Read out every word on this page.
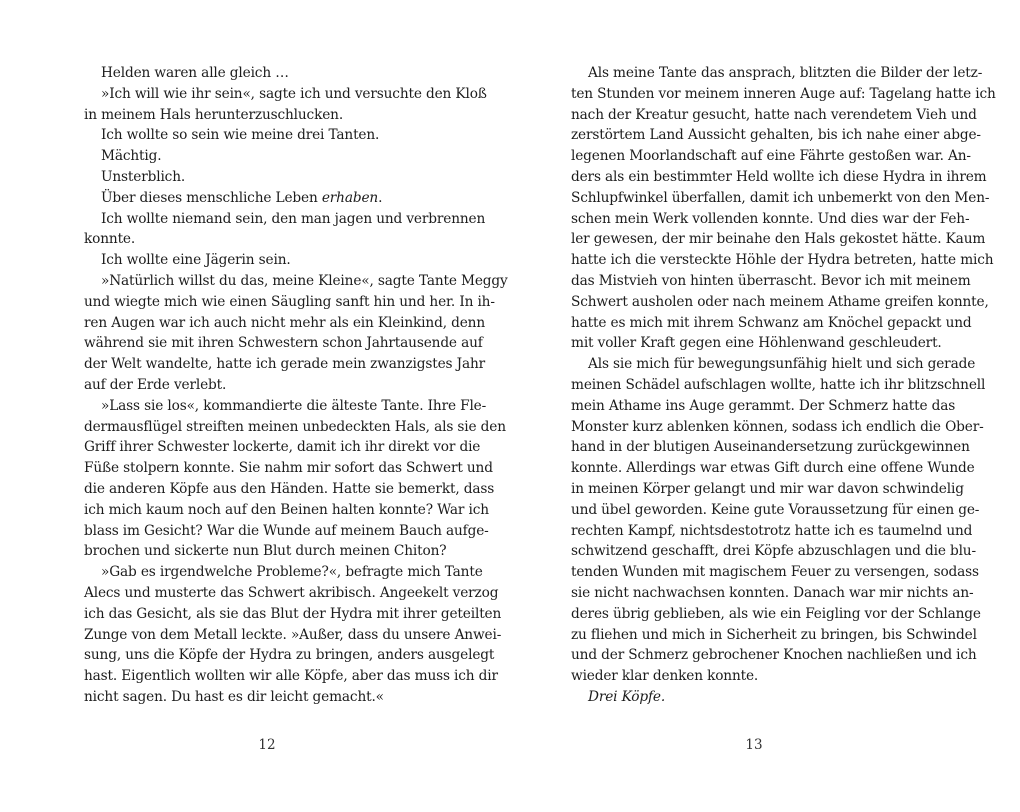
Helden waren alle gleich …
»Ich will wie ihr sein«, sagte ich und versuchte den Kloß
in meinem Hals herunterzuschlucken.
Ich wollte so sein wie meine drei Tanten.
Mächtig.
Unsterblich.
Über dieses menschliche Leben erhaben.
Ich wollte niemand sein, den man jagen und verbrennen
konnte.
Ich wollte eine Jägerin sein.
»Natürlich willst du das, meine Kleine«, sagte Tante Meggy
und wiegte mich wie einen Säugling sanft hin und her. In ih-
ren Augen war ich auch nicht mehr als ein Kleinkind, denn
während sie mit ihren Schwestern schon Jahrtausende auf
der Welt wandelte, hatte ich gerade mein zwanzigstes Jahr
auf der Erde verlebt.
»Lass sie los«, kommandierte die älteste Tante. Ihre Fle-
dermausflügel streiften meinen unbedeckten Hals, als sie den
Griff ihrer Schwester lockerte, damit ich ihr direkt vor die
Füße stolpern konnte. Sie nahm mir sofort das Schwert und
die anderen Köpfe aus den Händen. Hatte sie bemerkt, dass
ich mich kaum noch auf den Beinen halten konnte? War ich
blass im Gesicht? War die Wunde auf meinem Bauch aufge-
brochen und sickerte nun Blut durch meinen Chiton?
»Gab es irgendwelche Probleme?«, befragte mich Tante
Alecs und musterte das Schwert akribisch. Angeekelt verzog
ich das Gesicht, als sie das Blut der Hydra mit ihrer geteilten
Zunge von dem Metall leckte. »Außer, dass du unsere Anwei-
sung, uns die Köpfe der Hydra zu bringen, anders ausgelegt
hast. Eigentlich wollten wir alle Köpfe, aber das muss ich dir
nicht sagen. Du hast es dir leicht gemacht.«
Als meine Tante das ansprach, blitzten die Bilder der letz-
ten Stunden vor meinem inneren Auge auf: Tagelang hatte ich
nach der Kreatur gesucht, hatte nach verendetem Vieh und
zerstörtem Land Aussicht gehalten, bis ich nahe einer abge-
legenen Moorlandschaft auf eine Fährte gestoßen war. An-
ders als ein bestimmter Held wollte ich diese Hydra in ihrem
Schlupfwinkel überfallen, damit ich unbemerkt von den Men-
schen mein Werk vollenden konnte. Und dies war der Feh-
ler gewesen, der mir beinahe den Hals gekostet hätte. Kaum
hatte ich die versteckte Höhle der Hydra betreten, hatte mich
das Mistvieh von hinten überrascht. Bevor ich mit meinem
Schwert ausholen oder nach meinem Athame greifen konnte,
hatte es mich mit ihrem Schwanz am Knöchel gepackt und
mit voller Kraft gegen eine Höhlenwand geschleudert.
Als sie mich für bewegungsunfähig hielt und sich gerade
meinen Schädel aufschlagen wollte, hatte ich ihr blitzschnell
mein Athame ins Auge gerammt. Der Schmerz hatte das
Monster kurz ablenken können, sodass ich endlich die Ober-
hand in der blutigen Auseinandersetzung zurückgewinnen
konnte. Allerdings war etwas Gift durch eine offene Wunde
in meinen Körper gelangt und mir war davon schwindelig
und übel geworden. Keine gute Voraussetzung für einen ge-
rechten Kampf, nichtsdestotrotz hatte ich es taumelnd und
schwitzend geschafft, drei Köpfe abzuschlagen und die blu-
tenden Wunden mit magischem Feuer zu versengen, sodass
sie nicht nachwachsen konnten. Danach war mir nichts an-
deres übrig geblieben, als wie ein Feigling vor der Schlange
zu fliehen und mich in Sicherheit zu bringen, bis Schwindel
und der Schmerz gebrochener Knochen nachließen und ich
wieder klar denken konnte.
Drei Köpfe.
12	13
